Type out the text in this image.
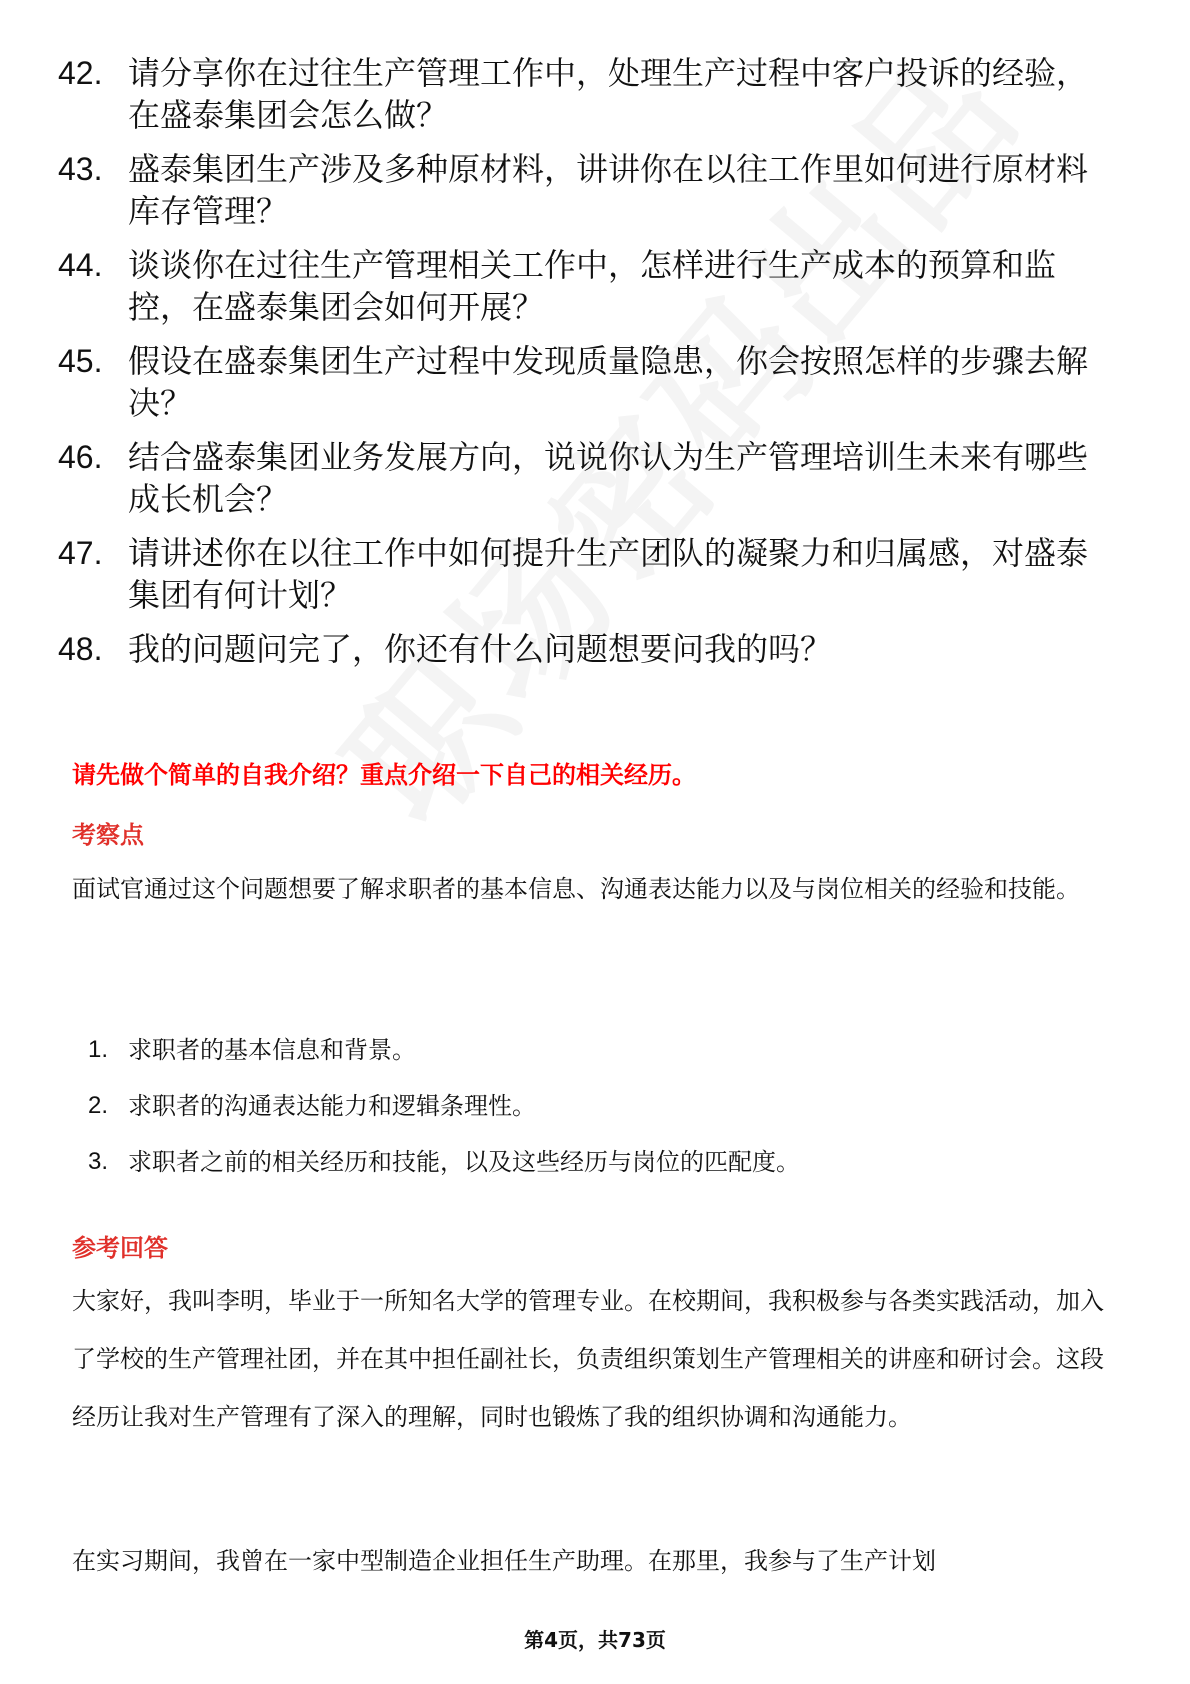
42. 请分享你在过往生产管理工作中，处理生产过程中客户投诉的经验，在盛泰集团会怎么做？
43. 盛泰集团生产涉及多种原材料，讲讲你在以往工作里如何进行原材料库存管理？
44. 谈谈你在过往生产管理相关工作中，怎样进行生产成本的预算和监控，在盛泰集团会如何开展？
45. 假设在盛泰集团生产过程中发现质量隐患，你会按照怎样的步骤去解决？
46. 结合盛泰集团业务发展方向，说说你认为生产管理培训生未来有哪些成长机会？
47. 请讲述你在以往工作中如何提升生产团队的凝聚力和归属感，对盛泰集团有何计划？
48. 我的问题问完了，你还有什么问题想要问我的吗？
请先做个简单的自我介绍？重点介绍一下自己的相关经历。
考察点
面试官通过这个问题想要了解求职者的基本信息、沟通表达能力以及与岗位相关的经验和技能。
1. 求职者的基本信息和背景。
2. 求职者的沟通表达能力和逻辑条理性。
3. 求职者之前的相关经历和技能，以及这些经历与岗位的匹配度。
参考回答
大家好，我叫李明，毕业于一所知名大学的管理专业。在校期间，我积极参与各类实践活动，加入了学校的生产管理社团，并在其中担任副社长，负责组织策划生产管理相关的讲座和研讨会。这段经历让我对生产管理有了深入的理解，同时也锻炼了我的组织协调和沟通能力。
在实习期间，我曾在一家中型制造企业担任生产助理。在那里，我参与了生产计划
第4页，共73页
